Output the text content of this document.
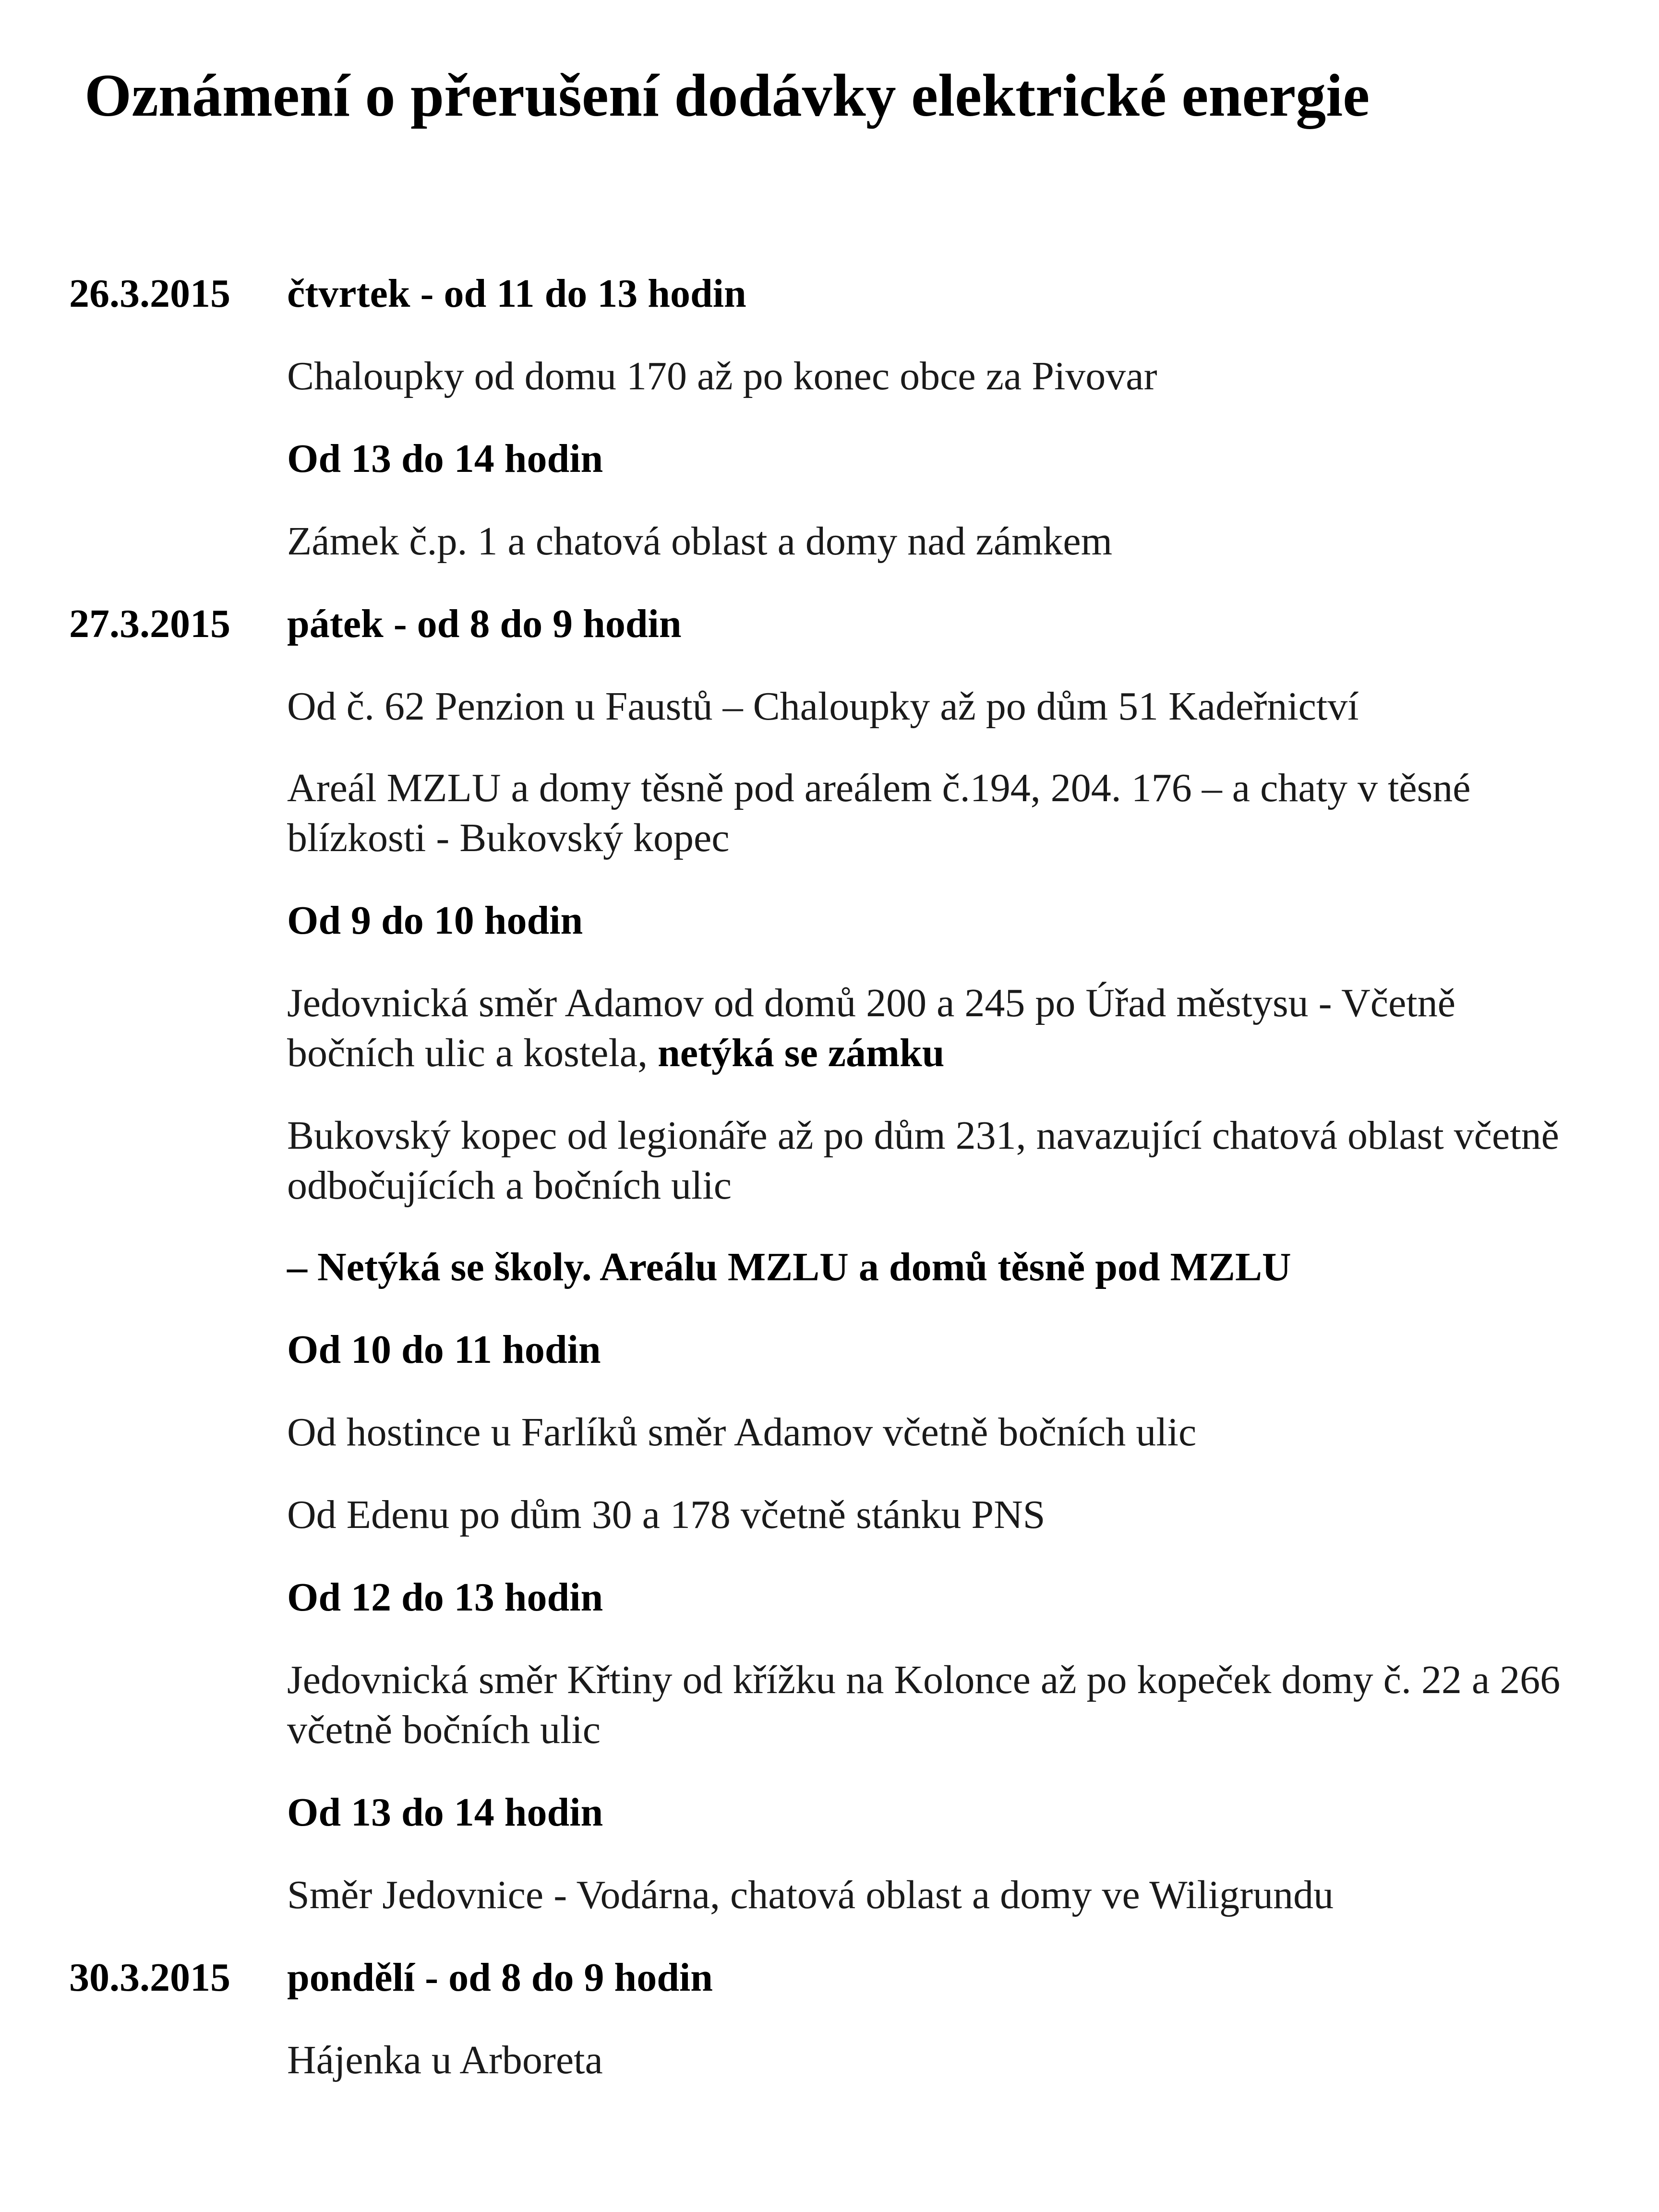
Oznámení o přerušení dodávky elektrické energie
26.3.2015 čtvrtek - od 11 do 13 hodin
Chaloupky od domu 170 až po konec obce za Pivovar
Od 13 do 14 hodin
Zámek č.p. 1 a chatová oblast a domy nad zámkem
27.3.2015 pátek - od 8 do 9 hodin
Od č. 62 Penzion u Faustů – Chaloupky až po dům 51 Kadeřnictví
Areál MZLU a domy těsně pod areálem č.194, 204. 176 – a chaty v těsné blízkosti - Bukovský kopec
Od 9 do 10 hodin
Jedovnická směr Adamov od domů 200 a 245 po Úřad městysu - Včetně bočních ulic a kostela, netýká se zámku
Bukovský kopec od legionáře až po dům 231, navazující chatová oblast včetně odbočujících a bočních ulic
– Netýká se školy. Areálu MZLU a domů těsně pod MZLU
Od 10 do 11 hodin
Od hostince u Farlíků směr Adamov včetně bočních ulic
Od Edenu po dům 30 a 178 včetně stánku PNS
Od 12 do 13 hodin
Jedovnická směr Křtiny od křížku na Kolonce až po kopeček domy č. 22 a 266 včetně bočních ulic
Od 13 do 14 hodin
Směr Jedovnice - Vodárna, chatová oblast a domy ve Wiligrundu
30.3.2015 pondělí - od 8 do 9 hodin
Hájenka u Arboreta
